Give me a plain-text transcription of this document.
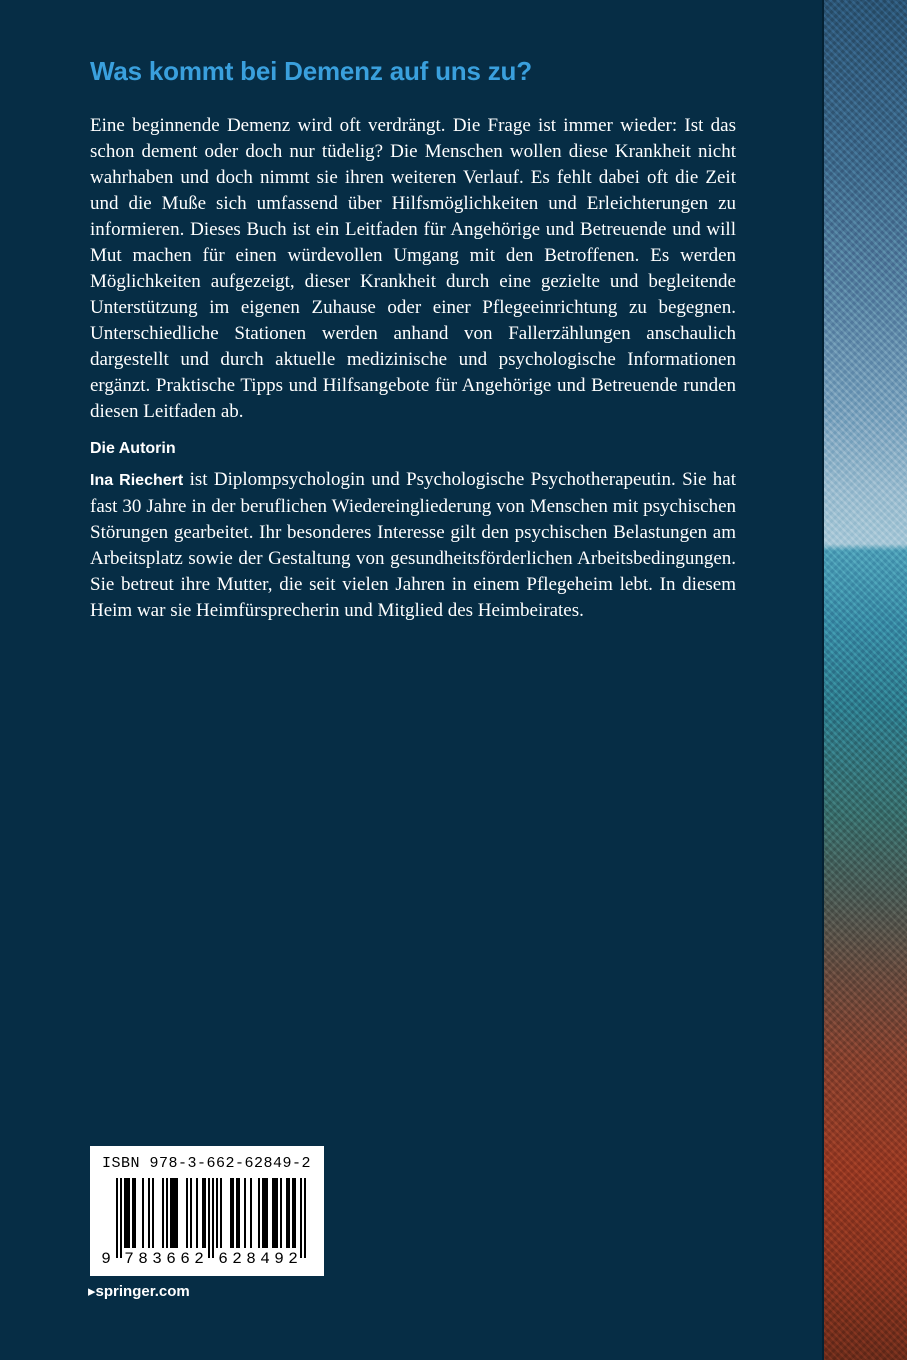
Was kommt bei Demenz auf uns zu?

Eine beginnende Demenz wird oft verdrängt. Die Frage ist immer wieder: Ist das schon dement oder doch nur tüdelig? Die Menschen wollen diese Krankheit nicht wahrhaben und doch nimmt sie ihren weiteren Verlauf. Es fehlt dabei oft die Zeit und die Muße sich umfassend über Hilfsmöglichkeiten und Erleichterungen zu informieren. Dieses Buch ist ein Leitfaden für Angehörige und Betreuende und will Mut machen für einen würdevollen Umgang mit den Betroffenen. Es werden Möglichkeiten aufgezeigt, dieser Krankheit durch eine gezielte und begleitende Unterstützung im eigenen Zuhause oder einer Pflegeeinrichtung zu begegnen. Unterschiedliche Stationen werden anhand von Fallerzählungen anschaulich dargestellt und durch aktuelle medizinische und psychologische Informationen ergänzt. Praktische Tipps und Hilfsangebote für Angehörige und Betreuende runden diesen Leitfaden ab.

Die Autorin

Ina Riechert ist Diplompsychologin und Psychologische Psychotherapeutin. Sie hat fast 30 Jahre in der beruflichen Wiedereingliederung von Menschen mit psychischen Störungen gearbeitet. Ihr besonderes Interesse gilt den psychischen Belastungen am Arbeitsplatz sowie der Gestaltung von gesundheitsförderlichen Arbeitsbedingungen. Sie betreut ihre Mutter, die seit vielen Jahren in einem Pflegeheim lebt. In diesem Heim war sie Heimfürsprecherin und Mitglied des Heimbeirates.

ISBN 978-3-662-62849-2
9 7 8 3 6 6 2 6 2 8 4 9 2
▸springer.com
